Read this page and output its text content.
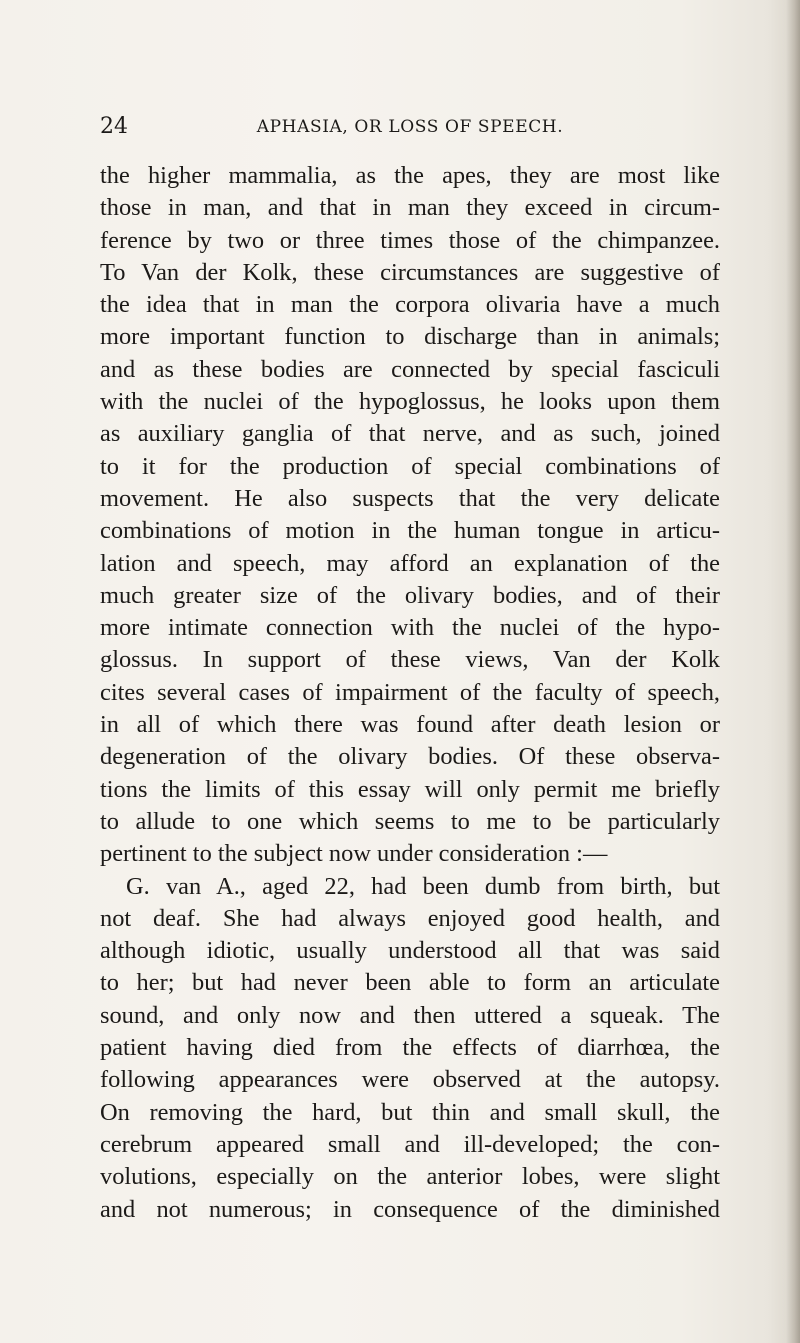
24	APHASIA, OR LOSS OF SPEECH.
the higher mammalia, as the apes, they are most like
those in man, and that in man they exceed in circum-
ference by two or three times those of the chimpanzee.
To Van der Kolk, these circumstances are suggestive of
the idea that in man the corpora olivaria have a much
more important function to discharge than in animals;
and as these bodies are connected by special fasciculi
with the nuclei of the hypoglossus, he looks upon them
as auxiliary ganglia of that nerve, and as such, joined
to it for the production of special combinations of
movement. He also suspects that the very delicate
combinations of motion in the human tongue in articu-
lation and speech, may afford an explanation of the
much greater size of the olivary bodies, and of their
more intimate connection with the nuclei of the hypo-
glossus. In support of these views, Van der Kolk
cites several cases of impairment of the faculty of speech,
in all of which there was found after death lesion or
degeneration of the olivary bodies. Of these observa-
tions the limits of this essay will only permit me briefly
to allude to one which seems to me to be particularly
pertinent to the subject now under consideration :—
G. van A., aged 22, had been dumb from birth, but
not deaf. She had always enjoyed good health, and
although idiotic, usually understood all that was said
to her; but had never been able to form an articulate
sound, and only now and then uttered a squeak. The
patient having died from the effects of diarrhœa, the
following appearances were observed at the autopsy.
On removing the hard, but thin and small skull, the
cerebrum appeared small and ill-developed; the con-
volutions, especially on the anterior lobes, were slight
and not numerous; in consequence of the diminished
